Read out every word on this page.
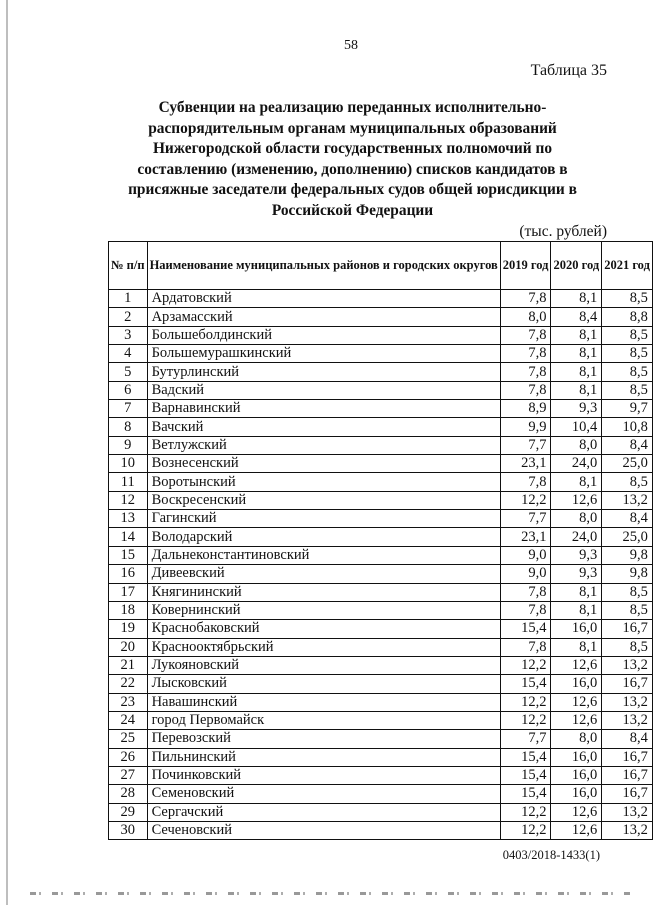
58
Таблица 35
Субвенции на реализацию переданных исполнительно-
распорядительным органам муниципальных образований
Нижегородской области государственных полномочий по
составлению (изменению, дополнению) списков кандидатов в
присяжные заседатели федеральных судов общей юрисдикции в
Российской Федерации
(тыс. рублей)
№ п/п	Наименование муниципальных районов и городских округов	2019 год	2020 год	2021 год
1	Ардатовский	7,8	8,1	8,5
2	Арзамасский	8,0	8,4	8,8
3	Большеболдинский	7,8	8,1	8,5
4	Большемурашкинский	7,8	8,1	8,5
5	Бутурлинский	7,8	8,1	8,5
6	Вадский	7,8	8,1	8,5
7	Варнавинский	8,9	9,3	9,7
8	Вачский	9,9	10,4	10,8
9	Ветлужский	7,7	8,0	8,4
10	Вознесенский	23,1	24,0	25,0
11	Воротынский	7,8	8,1	8,5
12	Воскресенский	12,2	12,6	13,2
13	Гагинский	7,7	8,0	8,4
14	Володарский	23,1	24,0	25,0
15	Дальнеконстантиновский	9,0	9,3	9,8
16	Дивеевский	9,0	9,3	9,8
17	Княгининский	7,8	8,1	8,5
18	Ковернинский	7,8	8,1	8,5
19	Краснобаковский	15,4	16,0	16,7
20	Краснооктябрьский	7,8	8,1	8,5
21	Лукояновский	12,2	12,6	13,2
22	Лысковский	15,4	16,0	16,7
23	Навашинский	12,2	12,6	13,2
24	город Первомайск	12,2	12,6	13,2
25	Перевозский	7,7	8,0	8,4
26	Пильнинский	15,4	16,0	16,7
27	Починковский	15,4	16,0	16,7
28	Семеновский	15,4	16,0	16,7
29	Сергачский	12,2	12,6	13,2
30	Сеченовский	12,2	12,6	13,2
0403/2018-1433(1)
